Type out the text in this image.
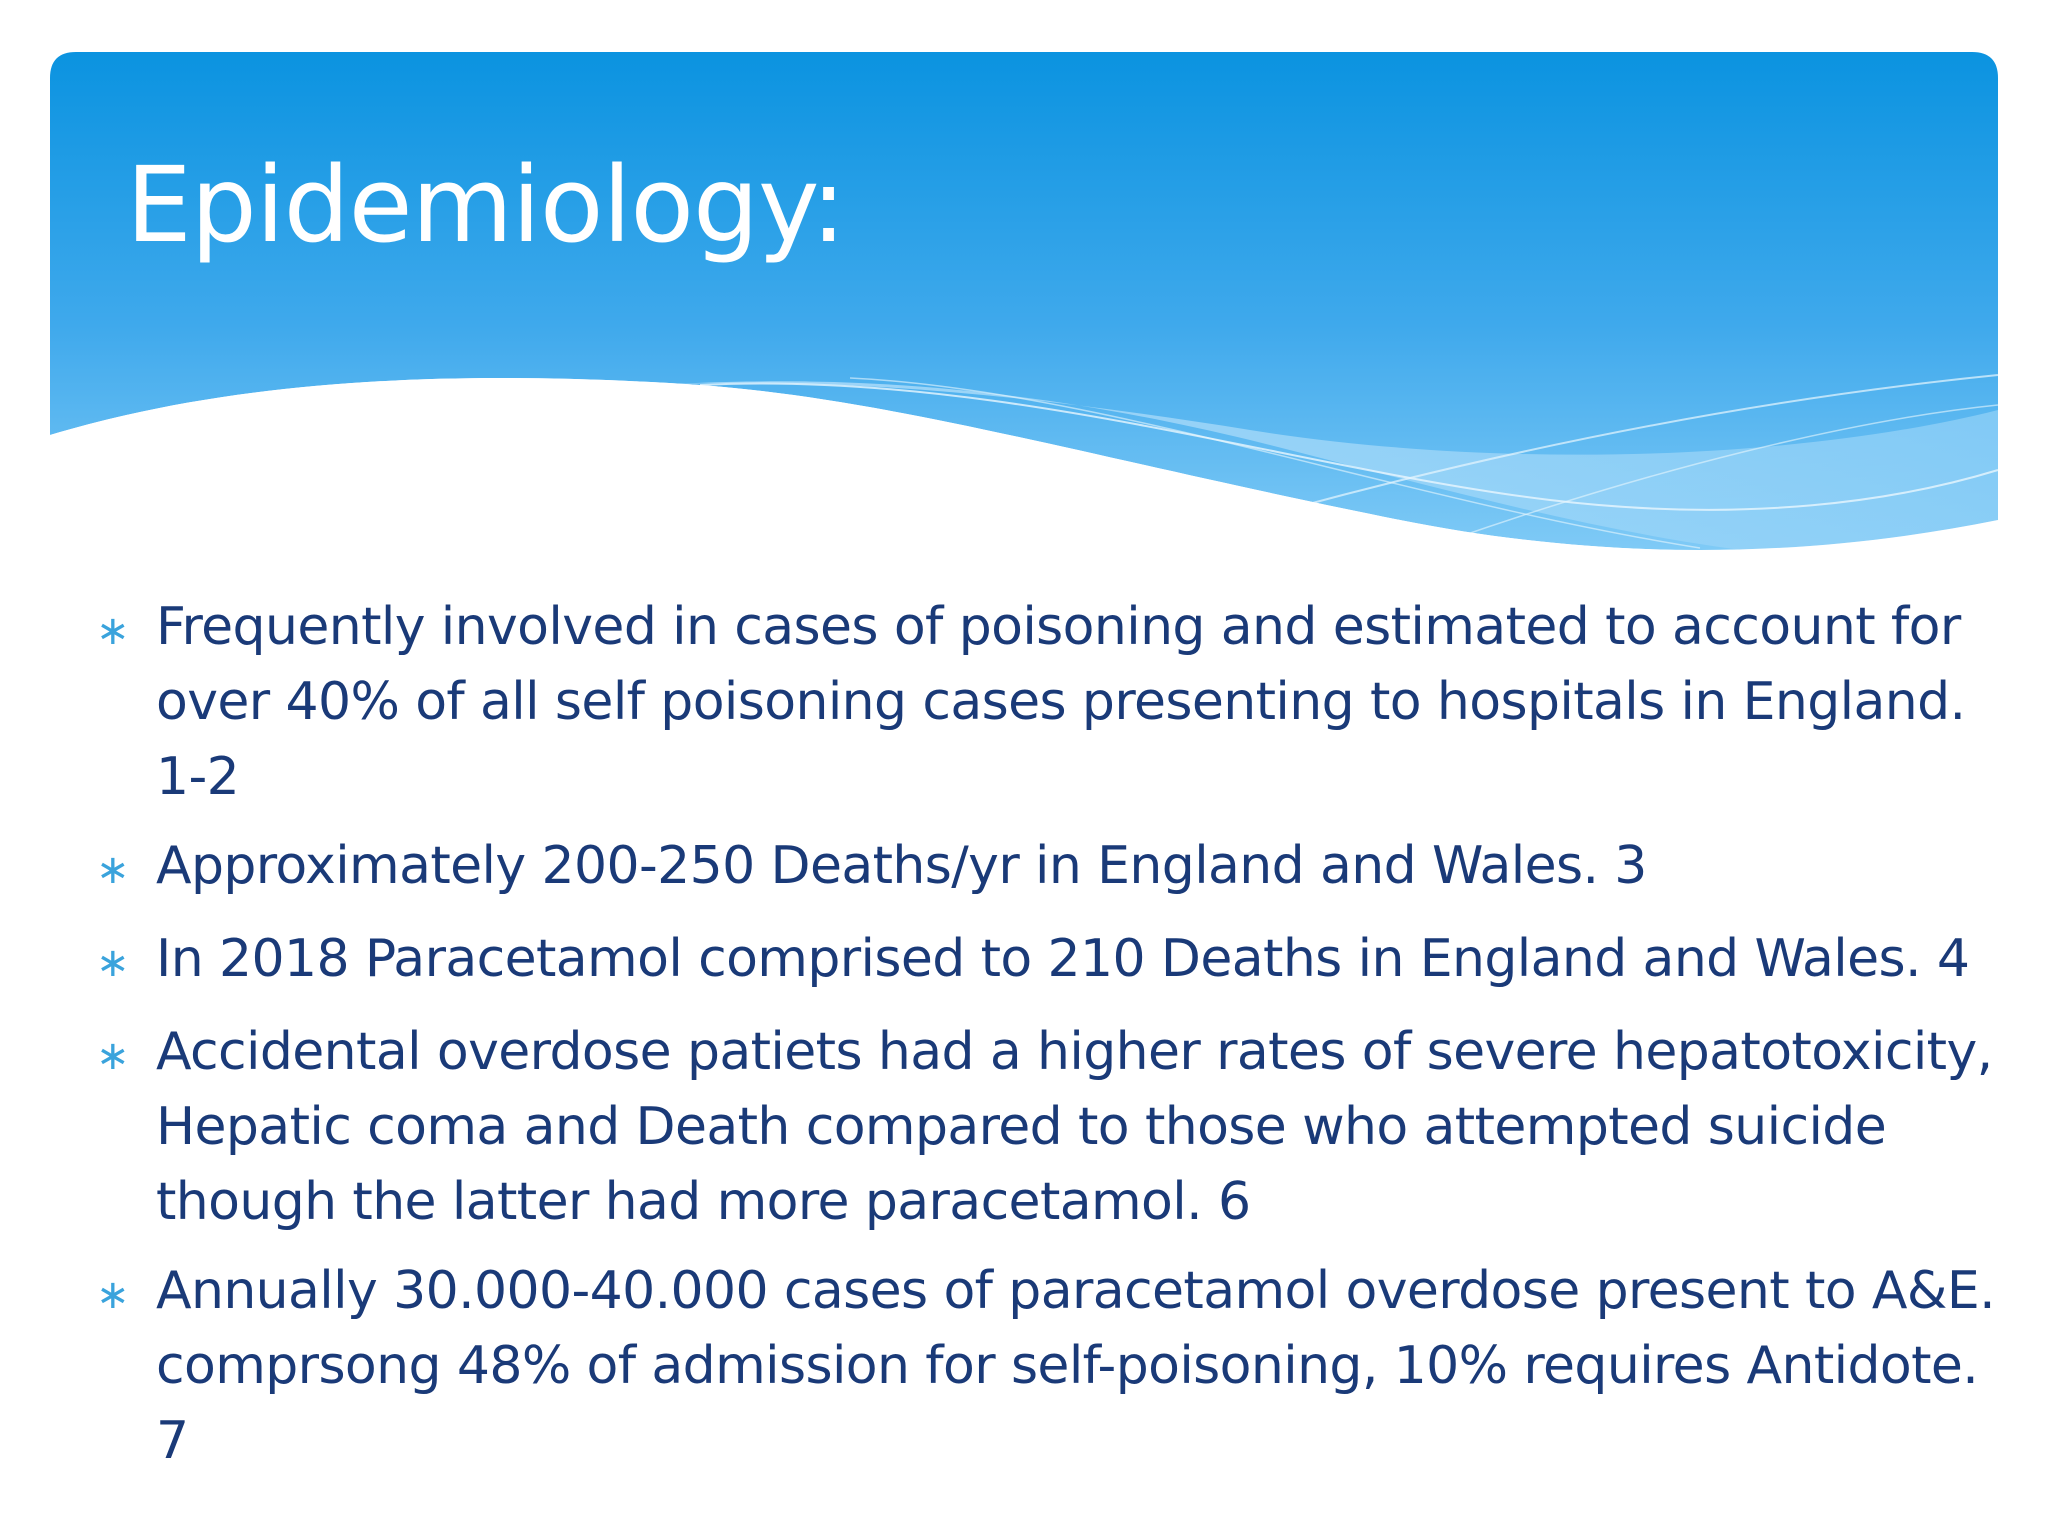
Epidemiology:
∗ Frequently involved in cases of poisoning and estimated to account for over 40% of all self poisoning cases presenting to hospitals in England. 1-2
∗ Approximately 200-250 Deaths/yr in England and Wales. 3
∗ In 2018 Paracetamol comprised to 210 Deaths in England and Wales. 4
∗ Accidental overdose patiets had a higher rates of severe hepatotoxicity, Hepatic coma and Death compared to those who attempted suicide though the latter had more paracetamol. 6
∗ Annually 30.000-40.000 cases of paracetamol overdose present to A&E. comprsong 48% of admission for self-poisoning, 10% requires Antidote. 7
